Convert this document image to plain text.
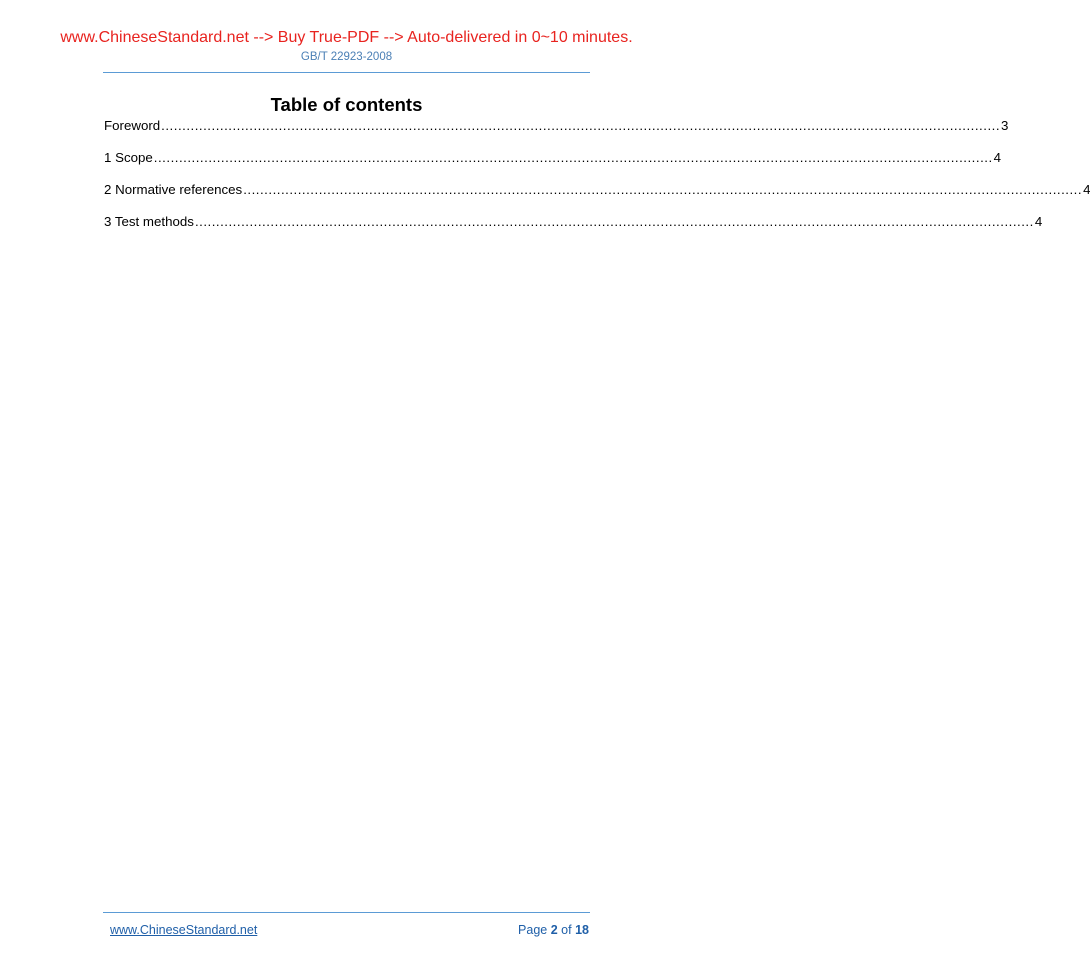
www.ChineseStandard.net --> Buy True-PDF --> Auto-delivered in 0~10 minutes.
GB/T 22923-2008
Table of contents
Foreword ........................................................................................................................................................................................................ 3
1 Scope ........................................................................................................................................................................................................ 4
2 Normative references ........................................................................................................................................................................................................ 4
3 Test methods ........................................................................................................................................................................................................ 4
www.ChineseStandard.net	Page 2 of 18
